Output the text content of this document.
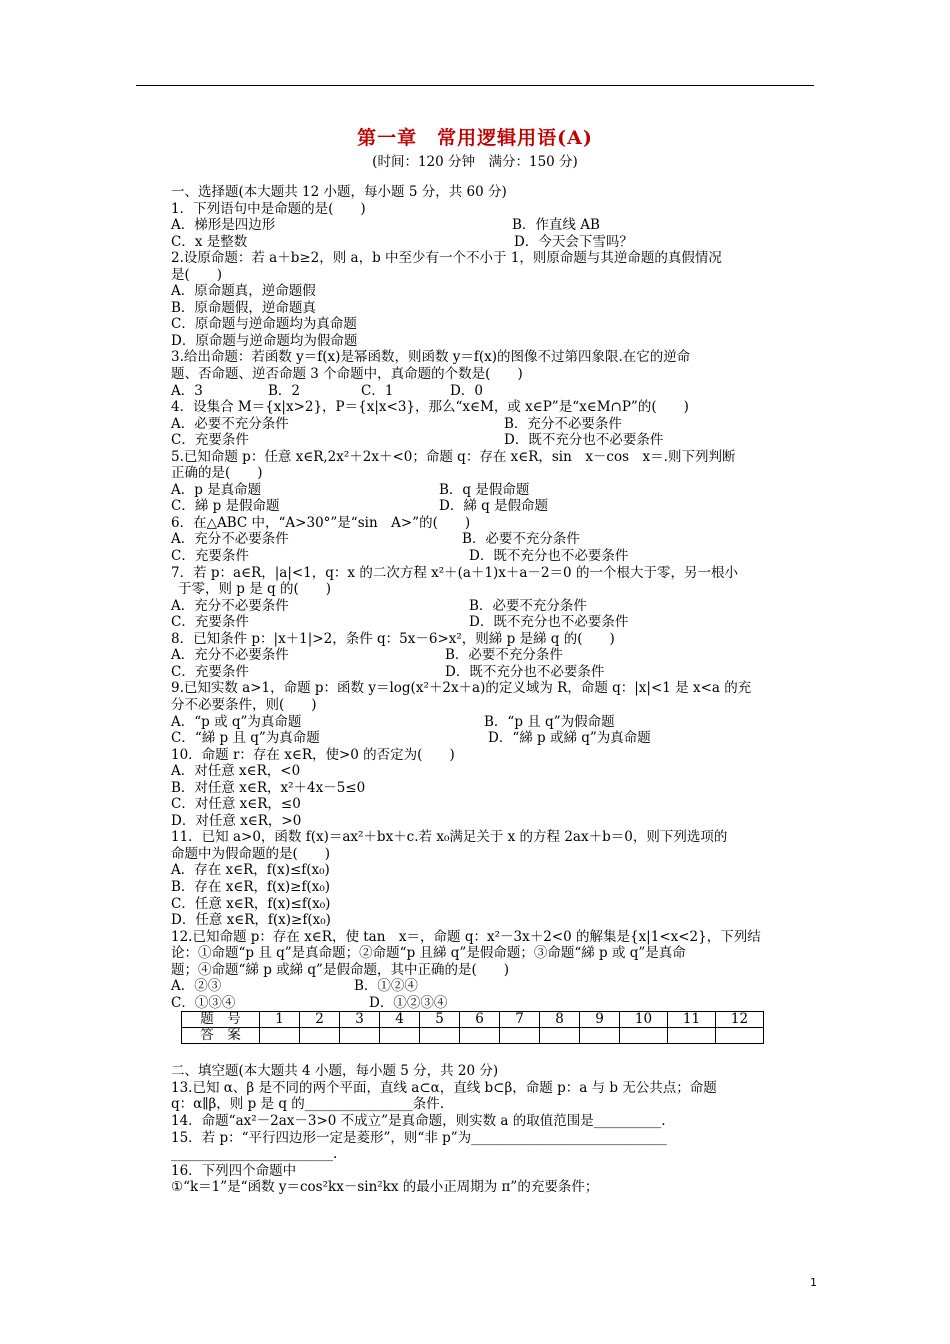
第一章　常用逻辑用语(A)
(时间：120 分钟　满分：150 分)
一、选择题(本大题共 12 小题，每小题 5 分，共 60 分)
1．下列语句中是命题的是(　　)
A．梯形是四边形	B．作直线 AB
C．x 是整数	D．今天会下雪吗？
2.设原命题：若 a＋b≥2，则 a，b 中至少有一个不小于 1，则原命题与其逆命题的真假情况
是(　　)
A．原命题真，逆命题假
B．原命题假，逆命题真
C．原命题与逆命题均为真命题
D．原命题与逆命题均为假命题
3.给出命题：若函数 y＝f(x)是幂函数，则函数 y＝f(x)的图像不过第四象限.在它的逆命
题、否命题、逆否命题 3 个命题中，真命题的个数是(　　)
A．3	B．2	C．1	D．0
4．设集合 M＝{x|x>2}，P＝{x|x<3}，那么“x∈M，或 x∈P”是“x∈M∩P”的(　　)
A．必要不充分条件	B．充分不必要条件
C．充要条件	D．既不充分也不必要条件
5.已知命题 p：任意 x∈R,2x²＋2x＋<0；命题 q：存在 x∈R，sin　x－cos　x＝.则下列判断
正确的是(　　)
A．p 是真命题	B．q 是假命题
C．綈 p 是假命题	D．綈 q 是假命题
6．在△ABC 中，“A>30°”是“sin　A>”的(　　)
A．充分不必要条件	B．必要不充分条件
C．充要条件	D．既不充分也不必要条件
7．若 p：a∈R，|a|<1，q：x 的二次方程 x²＋(a＋1)x＋a－2＝0 的一个根大于零，另一根小
于零，则 p 是 q 的(　　)
A．充分不必要条件	B．必要不充分条件
C．充要条件	D．既不充分也不必要条件
8．已知条件 p：|x＋1|>2，条件 q：5x－6>x²，则綈 p 是綈 q 的(　　)
A．充分不必要条件	B．必要不充分条件
C．充要条件	D．既不充分也不必要条件
9.已知实数 a>1，命题 p：函数 y＝log(x²＋2x＋a)的定义域为 R，命题 q：|x|<1 是 x<a 的充
分不必要条件，则(　　)
A．“p 或 q”为真命题	B．“p 且 q”为假命题
C．“綈 p 且 q”为真命题	D．“綈 p 或綈 q”为真命题
10．命题 r：存在 x∈R，使>0 的否定为(　　)
A．对任意 x∈R，<0
B．对任意 x∈R，x²＋4x－5≤0
C．对任意 x∈R，≤0
D．对任意 x∈R，>0
11．已知 a>0，函数 f(x)＝ax²＋bx＋c.若 x₀满足关于 x 的方程 2ax＋b＝0，则下列选项的
命题中为假命题的是(　　)
A．存在 x∈R，f(x)≤f(x₀)
B．存在 x∈R，f(x)≥f(x₀)
C．任意 x∈R，f(x)≤f(x₀)
D．任意 x∈R，f(x)≥f(x₀)
12.已知命题 p：存在 x∈R，使 tan　x＝，命题 q：x²－3x＋2<0 的解集是{x|1<x<2}，下列结
论：①命题“p 且 q”是真命题；②命题“p 且綈 q”是假命题；③命题“綈 p 或 q”是真命
题；④命题“綈 p 或綈 q”是假命题，其中正确的是(　　)
A．②③	B．①②④
C．①③④	D．①②③④
题　号	1	2	3	4	5	6	7	8	9	10	11	12
答　案												
二、填空题(本大题共 4 小题，每小题 5 分，共 20 分)
13.已知 α、β 是不同的两个平面，直线 a⊂α，直线 b⊂β，命题 p：a 与 b 无公共点；命题
q：α∥β，则 p 是 q 的________________条件.
14．命题“ax²－2ax－3>0 不成立”是真命题，则实数 a 的取值范围是__________.
15．若 p：“平行四边形一定是菱形”，则“非 p”为_____________________________
________________________.
16．下列四个命题中
①“k＝1”是“函数 y＝cos²kx－sin²kx 的最小正周期为 π”的充要条件；
1
